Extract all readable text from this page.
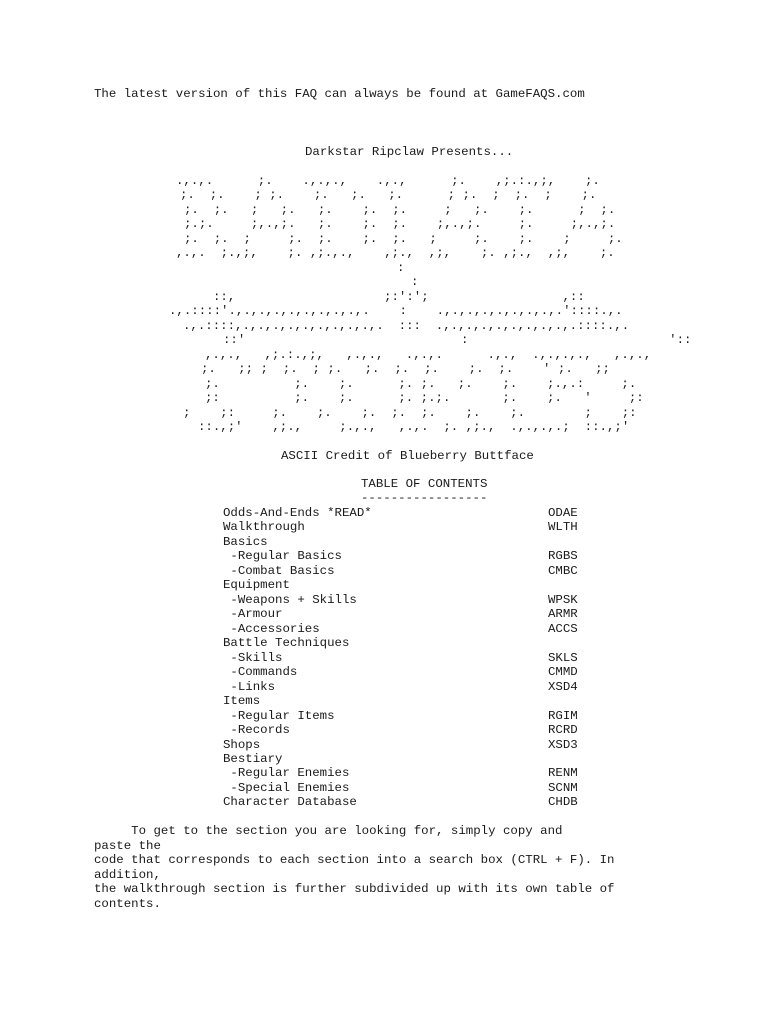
The latest version of this FAQ can always be found at GameFAQS.com
Darkstar Ripclaw Presents...
.,.,.      ;.    .,.,.,    .,.,      ;.    ,;.:.,;,    ;.
;.  ;.    ; ;.    ;.   ;.   ;.      ; ;.  ;  ;.  ;    ;.
;.  ;.   ;   ;.   ;.    ;.  ;.     ;   ;.    ;.      ;  ;.
;.;.     ;,.,;.   ;.    ;.  ;.    ;,.,;.     ;.     ;,.,;.
;.  ;.  ;     ;.  ;.    ;.  ;.   ;     ;.    ;.    ;     ;.
,.,.  ;.,;,    ;. ,;.,.,    ,;.,  ,;,    ;. ,;.,  ,;,    ;.
:
:
::,                    ;:':';                  ,::
.,.::::'.,.,.,.,.,.,.,.,.,.    :    .,.,.,.,.,.,.,.,.'::::.,.
.,.::::,.,.,.,.,.,.,.,.,.,.  :::  .,.,.,.,.,.,.,.,.,.::::.,.
::'                             :                           '::
,.,.,   ,;.:.,;,   ,.,.,   .,.,.      .,.,  .,.,.,.,   ,.,.,
;.   ;; ;  ;.  ; ;.   ;.  ;.  ;.    ;.  ;.    ' ;.   ;;
;.          ;.    ;.      ;. ;.   ;.    ;.    ;.,.:     ;.
;:          ;.    ;.      ;. ;.;.       ;.    ;.   '     ;:
;    ;:     ;.    ;.    ;.  ;.  ;.    ;.    ;.        ;    ;:
::.,;'    ,;.,     ;.,.,   ,.,.  ;. ,;.,  .,.,.,.;  ::.,;'
ASCII Credit of Blueberry Buttface
TABLE OF CONTENTS
-----------------
Odds-And-Ends *READ*	ODAE
Walkthrough	WLTH
Basics
-Regular Basics	RGBS
-Combat Basics	CMBC
Equipment
-Weapons + Skills	WPSK
-Armour	ARMR
-Accessories	ACCS
Battle Techniques
-Skills	SKLS
-Commands	CMMD
-Links	XSD4
Items
-Regular Items	RGIM
-Records	RCRD
Shops	XSD3
Bestiary
-Regular Enemies	RENM
-Special Enemies	SCNM
Character Database	CHDB
To get to the section you are looking for, simply copy and
paste the
code that corresponds to each section into a search box (CTRL + F). In
addition,
the walkthrough section is further subdivided up with its own table of
contents.
